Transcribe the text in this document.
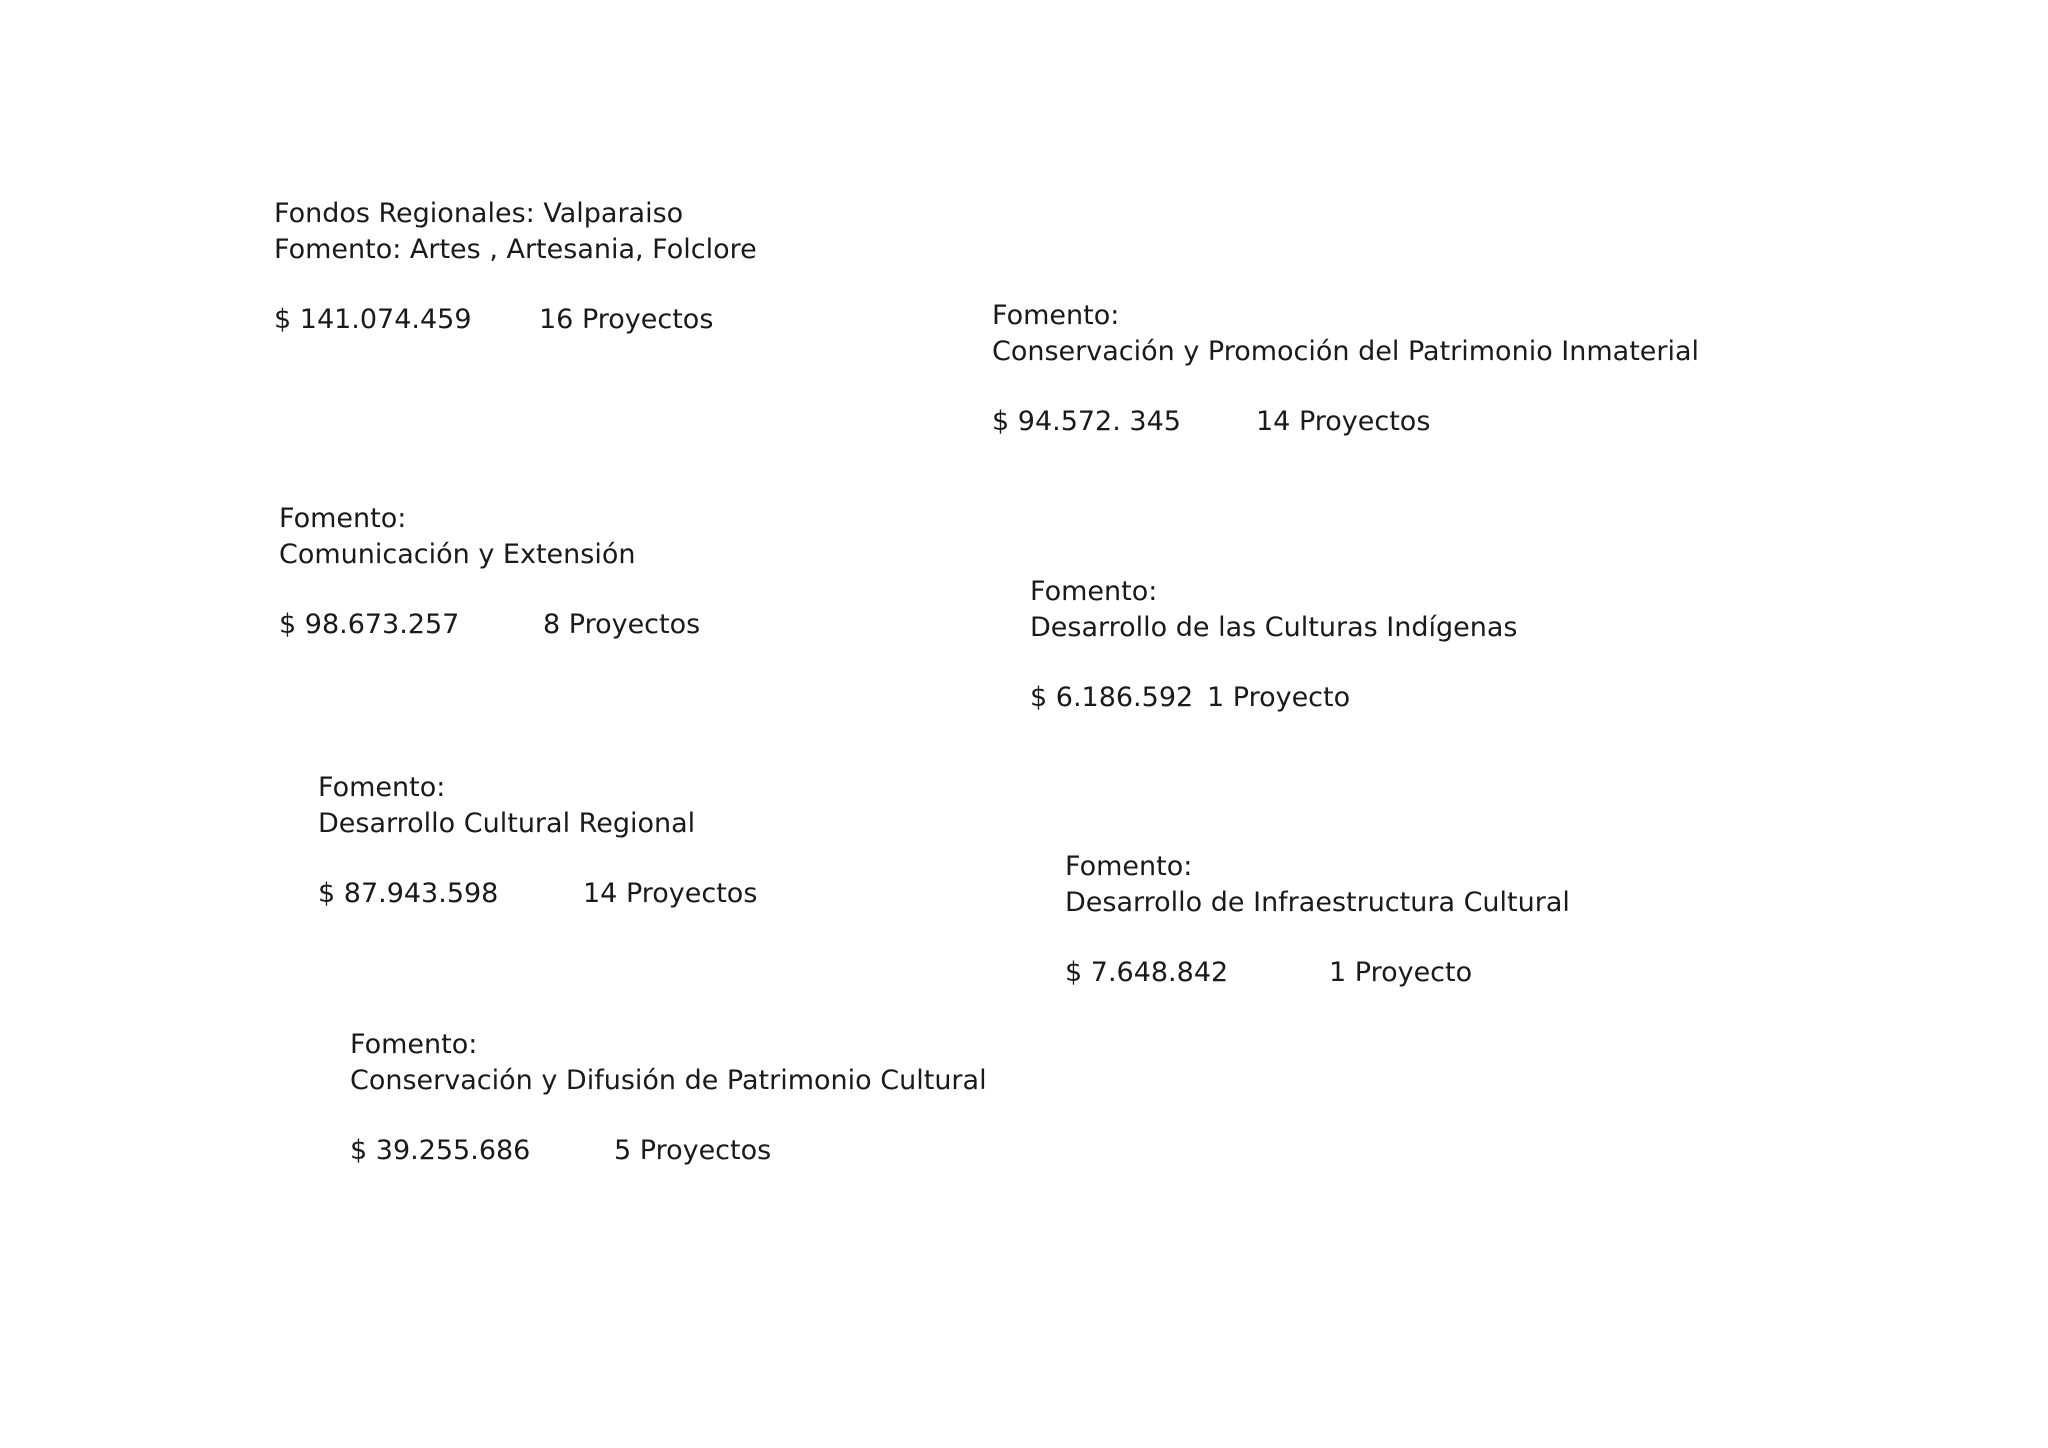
Fondos Regionales: Valparaiso
Fomento: Artes , Artesania, Folclore
$ 141.074.459 16 Proyectos	Fomento:
Conservación y Promoción del Patrimonio Inmaterial
$ 94.572. 345	14 Proyectos
Fomento:
Comunicación y Extensión
$ 98.673.257	8 Proyectos
Fomento:
Desarrollo de las Culturas Indígenas
$ 6.186.592 1 Proyecto
Fomento:
Desarrollo Cultural Regional
$ 87.943.598	14 Proyectos
Fomento:
Desarrollo de Infraestructura Cultural
$ 7.648.842	1 Proyecto
Fomento:
Conservación y Difusión de Patrimonio Cultural
$ 39.255.686	5 Proyectos
